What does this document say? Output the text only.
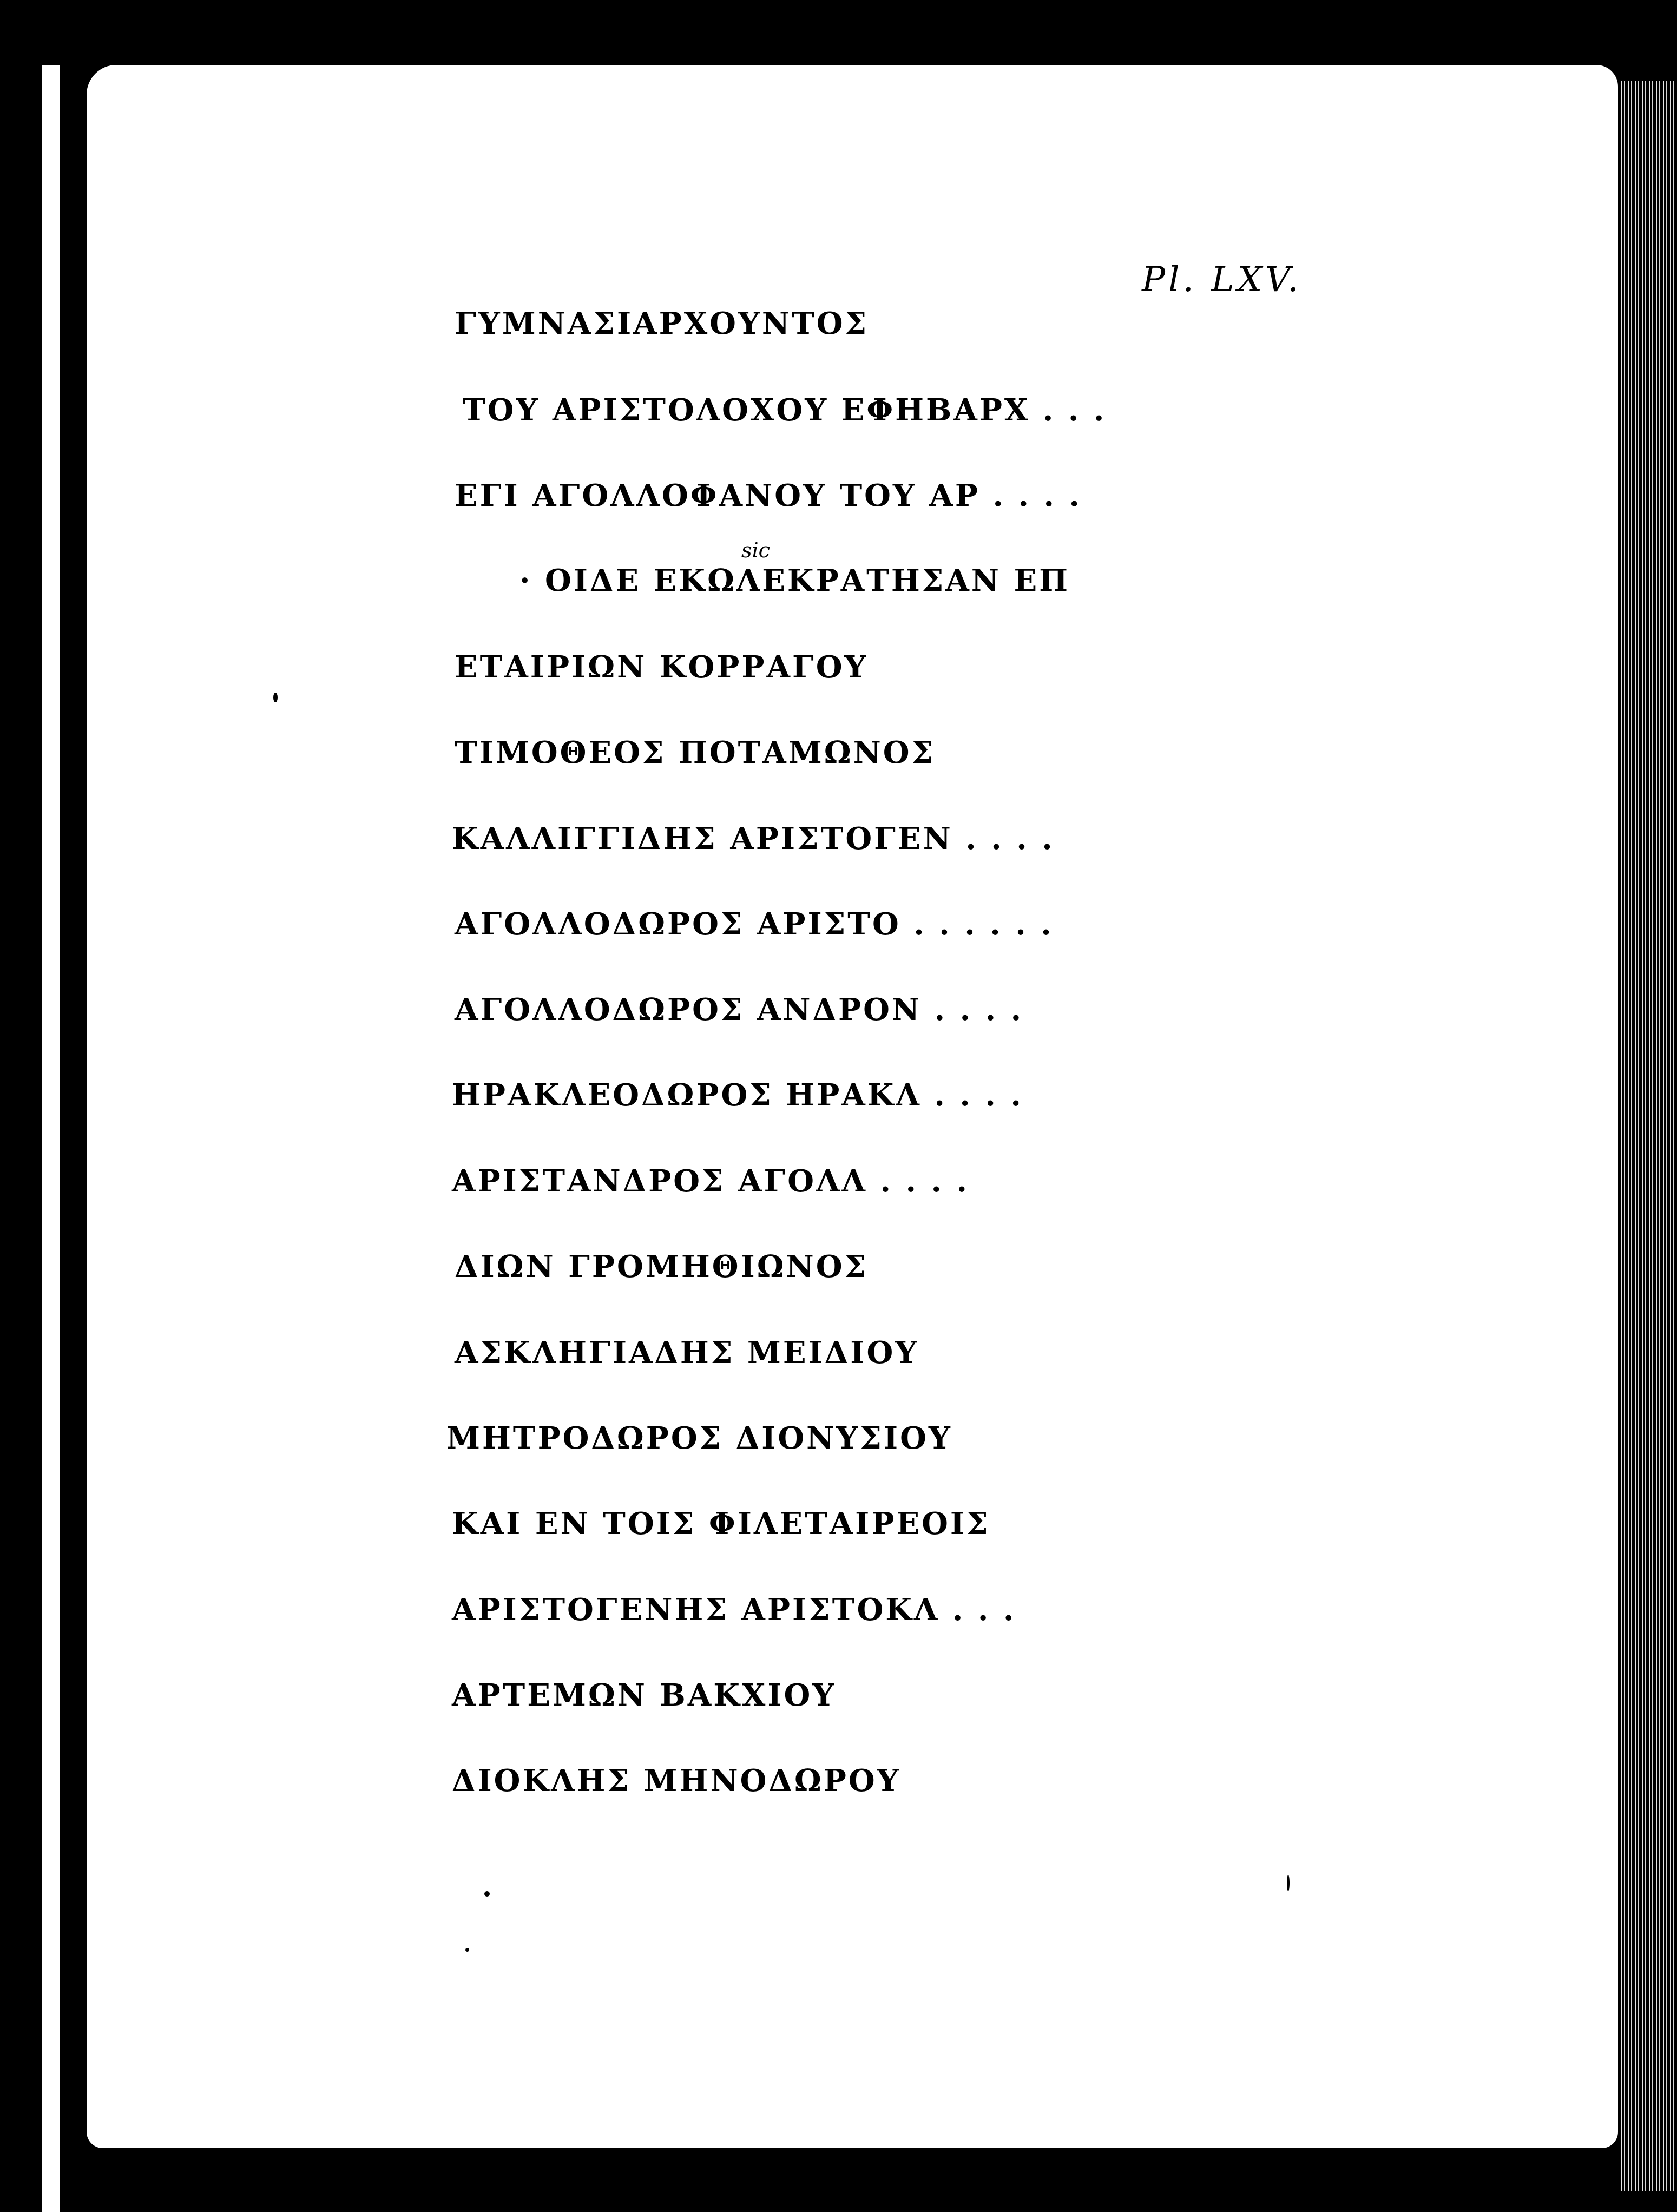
Pl. LXV.
sic
ΓΥΜΝΑΣΙΑΡΧΟΥΝΤΟΣ
ΤΟΥ ΑΡΙΣΤΟΛΟΧΟΥ ΕΦΗΒΑΡΧ . . .
ΕΓΙ ΑΓΟΛΛΟΦΑΝΟΥ ΤΟΥ ΑΡ . . . .
· ΟΙΔΕ ΕΚΩΛΕΚΡΑΤΗΣΑΝ ΕΠ
ΕΤΑΙΡΙΩΝ ΚΟΡΡΑΓΟΥ
ΤΙΜΟΘΕΟΣ ΠΟΤΑΜΩΝΟΣ
ΚΑΛΛΙΓΓΙΔΗΣ ΑΡΙΣΤΟΓΕΝ . . . .
ΑΓΟΛΛΟΔΩΡΟΣ ΑΡΙΣΤΟ . . . . . .
ΑΓΟΛΛΟΔΩΡΟΣ ΑΝΔΡΟΝ . . . .
ΗΡΑΚΛΕΟΔΩΡΟΣ ΗΡΑΚΛ . . . .
ΑΡΙΣΤΑΝΔΡΟΣ ΑΓΟΛΛ . . . .
ΔΙΩΝ ΓΡΟΜΗΘΙΩΝΟΣ
ΑΣΚΛΗΓΙΑΔΗΣ ΜΕΙΔΙΟΥ
ΜΗΤΡΟΔΩΡΟΣ ΔΙΟΝΥΣΙΟΥ
ΚΑΙ ΕΝ ΤΟΙΣ ΦΙΛΕΤΑΙΡΕΟΙΣ
ΑΡΙΣΤΟΓΕΝΗΣ ΑΡΙΣΤΟΚΛ . . .
ΑΡΤΕΜΩΝ ΒΑΚΧΙΟΥ
ΔΙΟΚΛΗΣ ΜΗΝΟΔΩΡΟΥ
